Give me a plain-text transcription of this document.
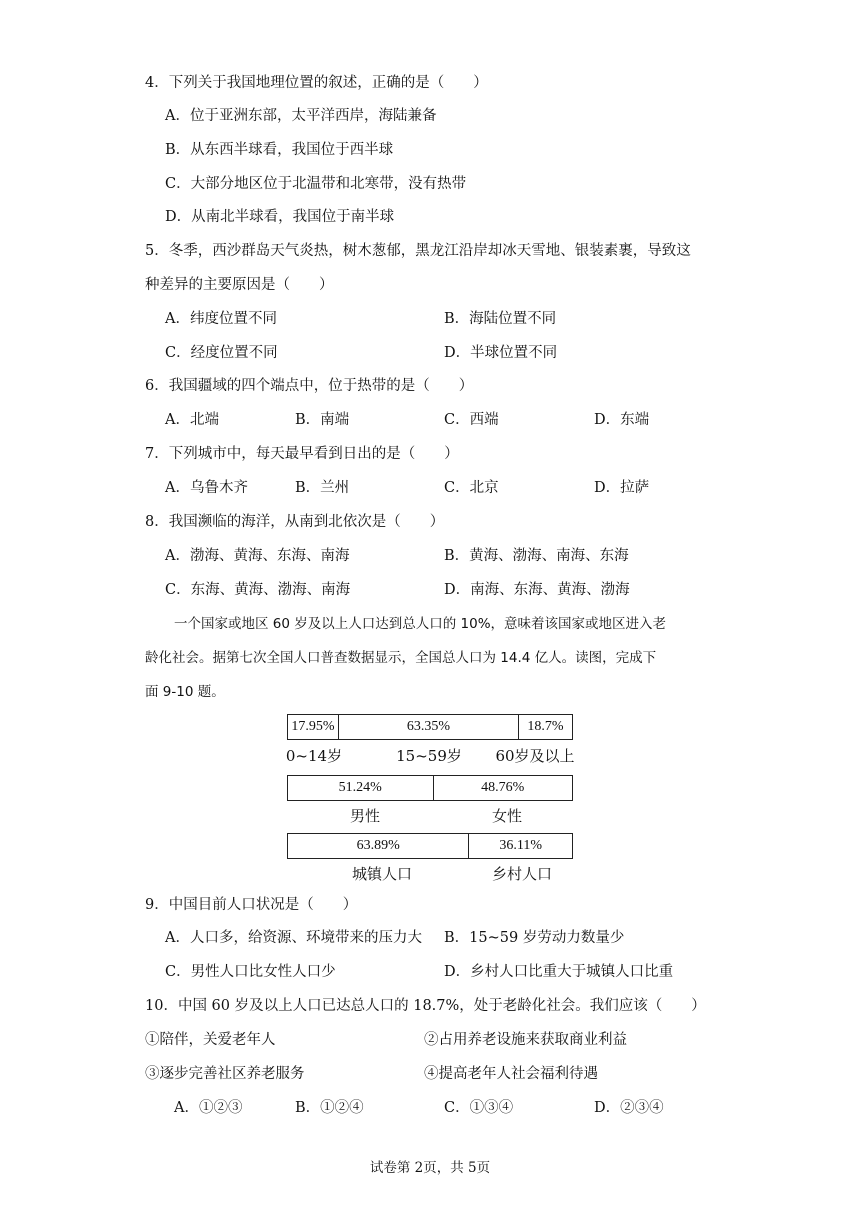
4．下列关于我国地理位置的叙述，正确的是（　　）
A．位于亚洲东部，太平洋西岸，海陆兼备
B．从东西半球看，我国位于西半球
C．大部分地区位于北温带和北寒带，没有热带
D．从南北半球看，我国位于南半球
5．冬季，西沙群岛天气炎热，树木葱郁，黑龙江沿岸却冰天雪地、银装素裹，导致这
种差异的主要原因是（　　）
A．纬度位置不同	B．海陆位置不同
C．经度位置不同	D．半球位置不同
6．我国疆域的四个端点中，位于热带的是（　　）
A．北端	B．南端	C．西端	D．东端
7．下列城市中，每天最早看到日出的是（　　）
A．乌鲁木齐	B．兰州	C．北京	D．拉萨
8．我国濒临的海洋，从南到北依次是（　　）
A．渤海、黄海、东海、南海	B．黄海、渤海、南海、东海
C．东海、黄海、渤海、南海	D．南海、东海、黄海、渤海
一个国家或地区 60 岁及以上人口达到总人口的 10%，意味着该国家或地区进入老
龄化社会。据第七次全国人口普查数据显示，全国总人口为 14.4 亿人。读图，完成下
面 9-10 题。
17.95%	63.35%	18.7%
0~14岁	15~59岁	60岁及以上
51.24%	48.76%
男性	女性
63.89%	36.11%
城镇人口	乡村人口
9．中国目前人口状况是（　　）
A．人口多，给资源、环境带来的压力大 B．15~59 岁劳动力数量少
C．男性人口比女性人口少	D．乡村人口比重大于城镇人口比重
10．中国 60 岁及以上人口已达总人口的 18.7%，处于老龄化社会。我们应该（　　）
①陪伴，关爱老年人	②占用养老设施来获取商业利益
③逐步完善社区养老服务	④提高老年人社会福利待遇
A．①②③	B．①②④	C．①③④	D．②③④
试卷第 2页，共 5页
